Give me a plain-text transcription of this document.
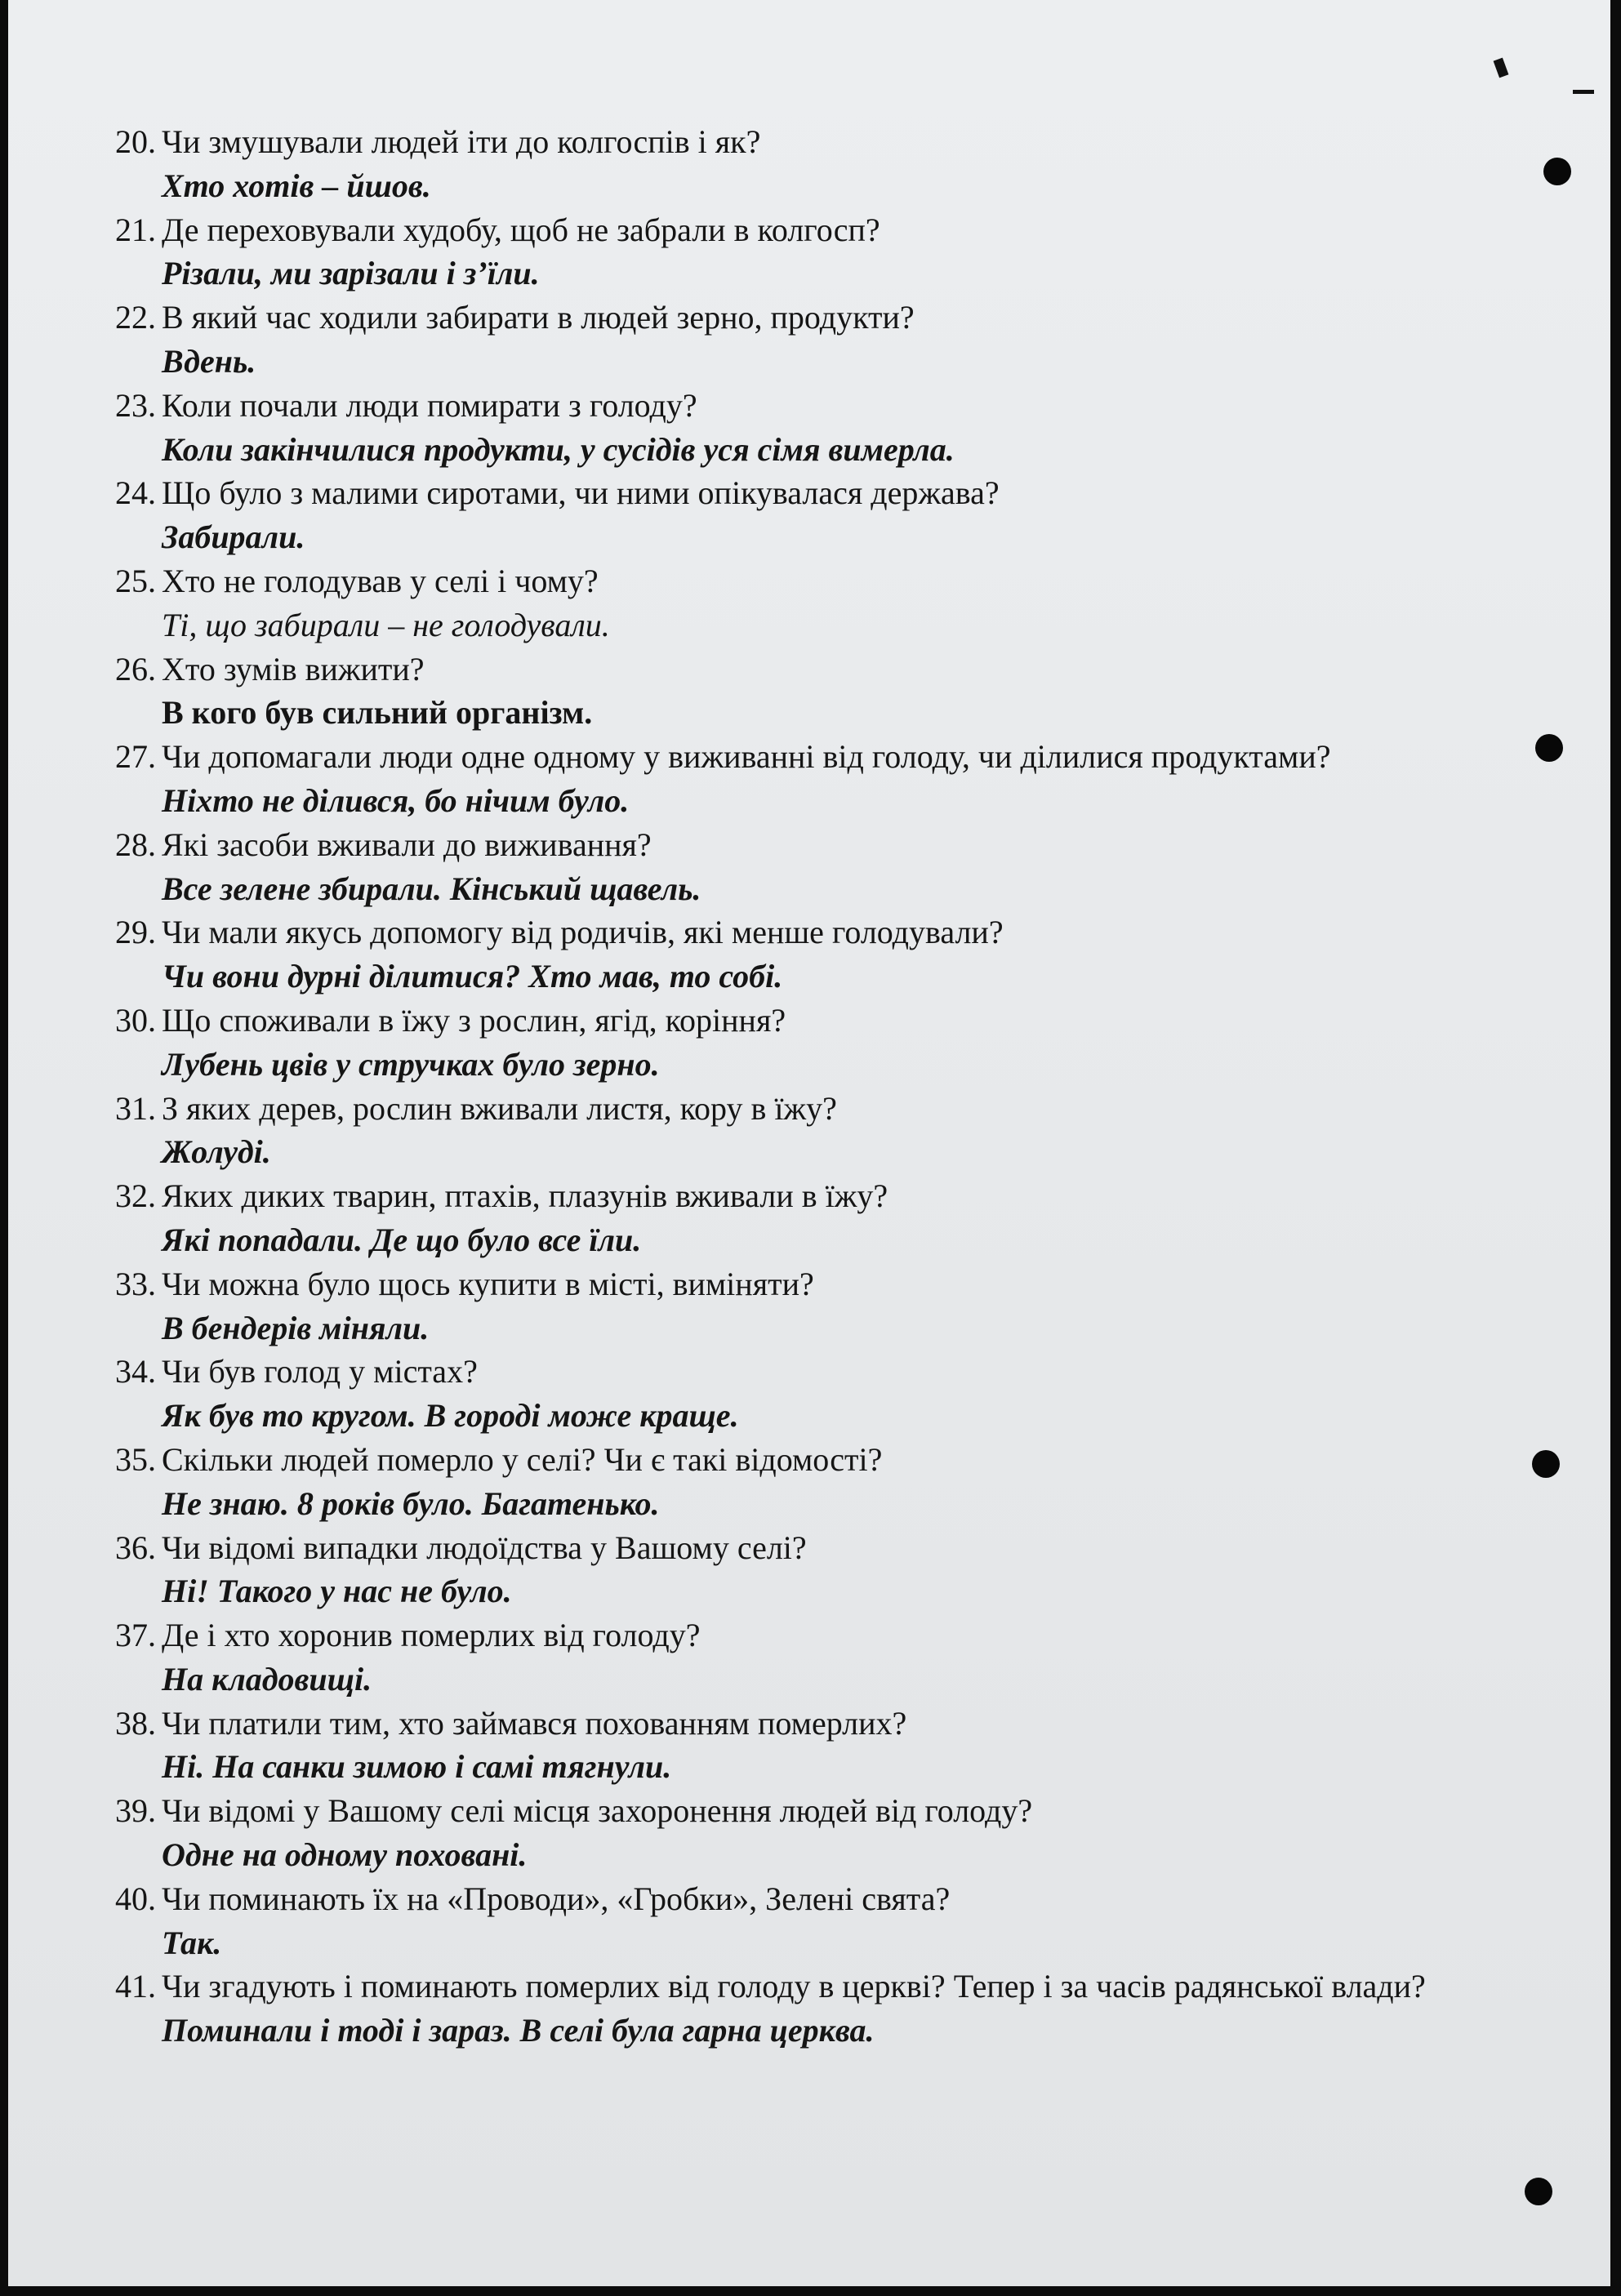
20. Чи змушували людей іти до колгоспів і як?
Хто хотів – йшов.
21. Де переховували худобу, щоб не забрали в колгосп?
Різали, ми зарізали і з’їли.
22. В який час ходили забирати в людей зерно, продукти?
Вдень.
23. Коли почали люди помирати з голоду?
Коли закінчилися продукти, у сусідів уся сімя вимерла.
24. Що було з малими сиротами, чи ними опікувалася держава?
Забирали.
25. Хто не голодував у селі і чому?
Ті, що забирали – не голодували.
26. Хто зумів вижити?
В кого був сильний організм.
27. Чи допомагали люди одне одному у виживанні від голоду, чи ділилися продуктами?
Ніхто не ділився, бо нічим було.
28. Які засоби вживали до виживання?
Все зелене збирали. Кінський щавель.
29. Чи мали якусь допомогу від родичів, які менше голодували?
Чи вони дурні ділитися? Хто мав, то собі.
30. Що споживали в їжу з рослин, ягід, коріння?
Лубень цвів у стручках було зерно.
31. З яких дерев, рослин вживали листя, кору в їжу?
Жолуді.
32. Яких диких тварин, птахів, плазунів вживали в їжу?
Які попадали. Де що було все їли.
33. Чи можна було щось купити в місті, виміняти?
В бендерів міняли.
34. Чи був голод у містах?
Як був то кругом. В городі може краще.
35. Скільки людей померло у селі? Чи є такі відомості?
Не знаю. 8 років було. Багатенько.
36. Чи відомі випадки людоїдства у Вашому селі?
Ні! Такого у нас не було.
37. Де і хто хоронив померлих від голоду?
На кладовищі.
38. Чи платили тим, хто займався похованням померлих?
Ні. На санки зимою і самі тягнули.
39. Чи відомі у Вашому селі місця захоронення людей від голоду?
Одне на одному поховані.
40. Чи поминають їх на «Проводи», «Гробки», Зелені свята?
Так.
41. Чи згадують і поминають померлих від голоду в церкві? Тепер і за часів радянської влади?
Поминали і тоді і зараз. В селі була гарна церква.
